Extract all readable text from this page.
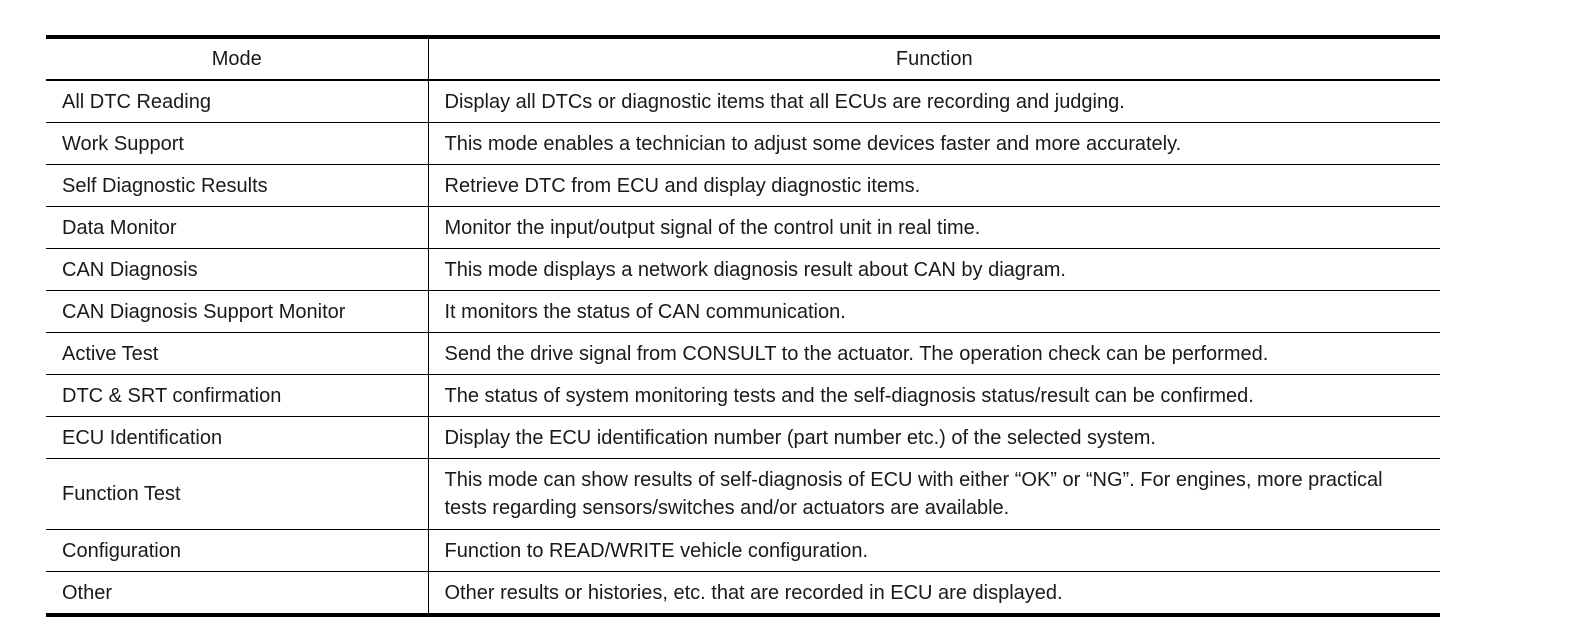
Mode	Function
All DTC Reading	Display all DTCs or diagnostic items that all ECUs are recording and judging.
Work Support	This mode enables a technician to adjust some devices faster and more accurately.
Self Diagnostic Results	Retrieve DTC from ECU and display diagnostic items.
Data Monitor	Monitor the input/output signal of the control unit in real time.
CAN Diagnosis	This mode displays a network diagnosis result about CAN by diagram.
CAN Diagnosis Support Monitor	It monitors the status of CAN communication.
Active Test	Send the drive signal from CONSULT to the actuator. The operation check can be performed.
DTC & SRT confirmation	The status of system monitoring tests and the self-diagnosis status/result can be confirmed.
ECU Identification	Display the ECU identification number (part number etc.) of the selected system.
Function Test	This mode can show results of self-diagnosis of ECU with either “OK” or “NG”. For engines, more practical tests regarding sensors/switches and/or actuators are available.
Configuration	Function to READ/WRITE vehicle configuration.
Other	Other results or histories, etc. that are recorded in ECU are displayed.
